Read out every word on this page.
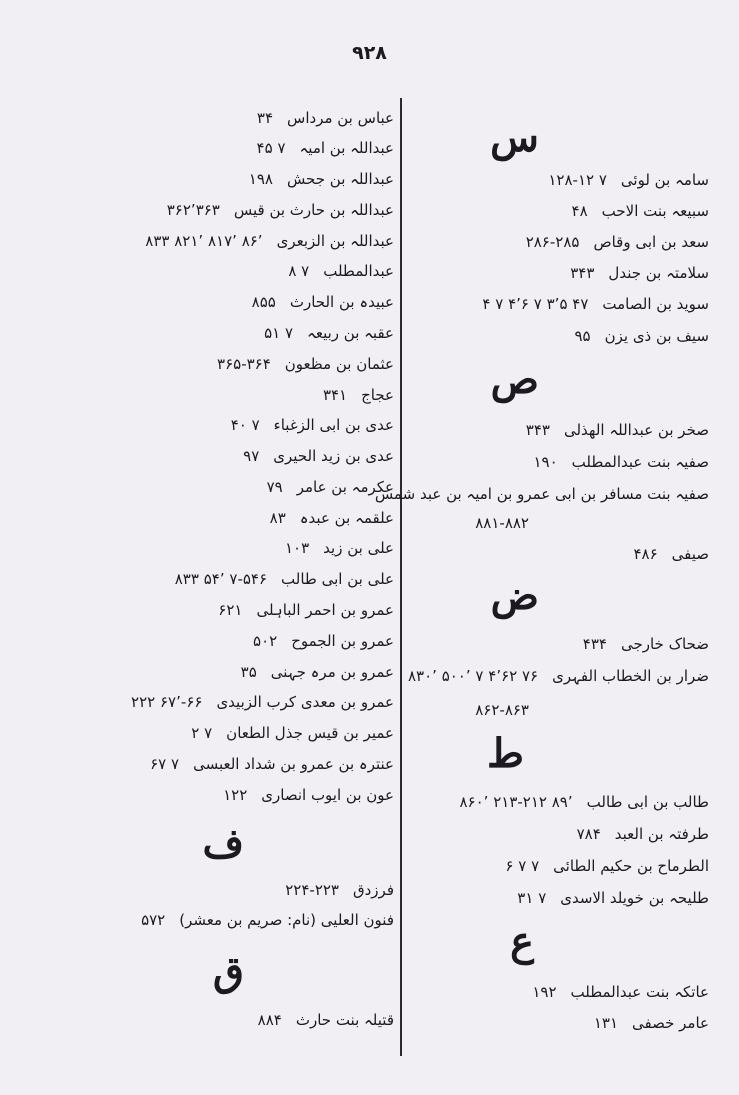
۹۲۸
س
سامہ بن لوئی۷ ۱۲-۱۲۸
سبیعہ بنت الاحب۴۸
سعد بن ابی وقاص۲۸۵-۲۸۶
سلامتہ بن جندل۳۴۳
سوید بن الصامت۴۷ ۳٬۵ ۷ ۴٬۶ ۷ ۴
سیف بن ذی یزن۹۵
ص
صخر بن عبداللہ الھذلی۳۴۳
صفیہ بنت عبدالمطلب۱۹۰
صفیہ بنت مسافر بن ابی عمرو بن امیہ بن عبد شمس
۸۸۱-۸۸۲
صیفی۴۸۶
ض
ضحاک خارجی۴۳۴
ضرار بن الخطاب الفہری۷۶ ۴٬۶۲ ۷ ۵۰۰٬ ۸۳۰٬
۸۶۲-۸۶۳
ط
طالب بن ابی طالب۸۹٬ ۲۱۲-۲۱۳ ۸۶۰٬
طرفتہ بن العبد۷۸۴
الطرماح بن حکیم الطائی۷ ۷ ۶
طلیحہ بن خویلد الاسدی۷ ۳۱
ع
عاتکہ بنت عبدالمطلب۱۹۲
عامر خصفی۱۳۱
عباس بن مرداس۳۴
عبداللہ بن امیہ۷ ۴۵
عبداللہ بن جحش۱۹۸
عبداللہ بن حارث بن قیس۳۶۲٬۳۶۳
عبداللہ بن الزبعری۸۶٬ ۸۱۷٬ ۸۲۱٬ ۸۳۳
عبدالمطلب۷ ۸
عبیدہ بن الحارث۸۵۵
عقبہ بن ربیعہ۷ ۵۱
عثمان بن مظعون۳۶۴-۳۶۵
عجاج۳۴۱
عدی بن ابی الزغباء۷ ۴۰
عدی بن زید الحیری۹۷
عکرمہ بن عامر۷۹
علقمہ بن عبدہ۸۳
علی بن زید۱۰۳
علی بن ابی طالب۵۴۶-۷ ۵۴٬ ۸۳۳
عمرو بن احمر الباہلی۶۲۱
عمرو بن الجموح۵۰۲
عمرو بن مرہ جہنی۳۵
عمرو بن معدی کرب الزبیدی۶۶-۶۷٬ ۲۲۲
عمیر بن قیس جذل الطعان۷ ۲
عنترہ بن عمرو بن شداد العبسی۷ ۶۷
عون بن ایوب انصاری۱۲۲
ف
فرزدق۲۲۳-۲۲۴
فنون العلیی (نام: صریم بن معشر)۵۷۲
ق
قتیلہ بنت حارث۸۸۴
